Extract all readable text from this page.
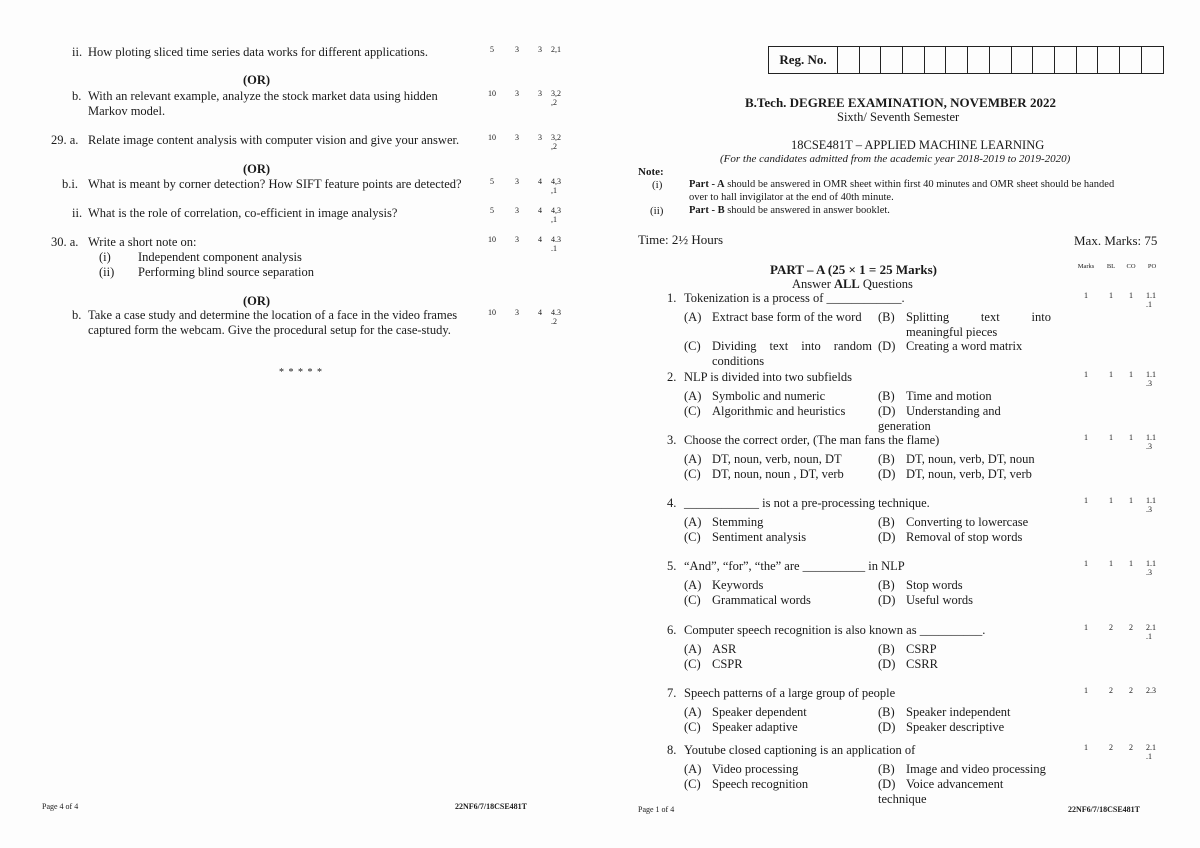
ii. How ploting sliced time series data works for different applications.	5	3	3	2,1
(OR)
b. With an relevant example, analyze the stock market data using hidden
Markov model.
10	3	3	3,2
,2
29. a. Relate image content analysis with computer vision and give your answer.	10	3	3	3,2
,2
(OR)
b.i. What is meant by corner detection? How SIFT feature points are detected?	5	3	4	4,3
,1
ii. What is the role of correlation, co-efficient in image analysis?	5	3	4	4,3
,1
30. a. Write a short note on:
(i) Independent component analysis
(ii) Performing blind source separation
10	3	4	4.3
.1
(OR)
b. Take a case study and determine the location of a face in the video frames
captured form the webcam. Give the procedural setup for the case-study.
10	3	4	4.3
.2
* * * * *
Page 4 of 4	22NF6/7/18CSE481T
Reg. No.
B.Tech. DEGREE EXAMINATION, NOVEMBER 2022
Sixth/ Seventh Semester
18CSE481T – APPLIED MACHINE LEARNING
(For the candidates admitted from the academic year 2018-2019 to 2019-2020)
Note:
(i)	Part - A should be answered in OMR sheet within first 40 minutes and OMR sheet should be handed
over to hall invigilator at the end of 40th minute.
(ii) Part - B should be answered in answer booklet.
Time: 2½ Hours	Max. Marks: 75
PART – A (25 × 1 = 25 Marks)
Answer ALL Questions
Marks	BL	CO	PO
1. Tokenization is a process of ____________.	1	1	1	1.1
.1
(A) Extract base form of the word	(B) Splitting text into meaningful pieces
(C) Dividing text into random conditions
(D) Creating a word matrix
2. NLP is divided into two subfields	1	1	1	1.1
.3
(A) Symbolic and numeric	(B) Time and motion
(C) Algorithmic and heuristics	(D) Understanding and generation
3. Choose the correct order, (The man fans the flame)	1	1	1	1.1
.3
(A) DT, noun, verb, noun, DT	(B) DT, noun, verb, DT, noun
(C) DT, noun, noun , DT, verb	(D) DT, noun, verb, DT, verb
4. ____________ is not a pre-processing technique.	1	1	1	1.1
.3
(A) Stemming	(B) Converting to lowercase
(C) Sentiment analysis	(D) Removal of stop words
5. “And”, “for”, “the” are __________ in NLP	1	1	1	1.1
.3
(A) Keywords	(B) Stop words
(C) Grammatical words	(D) Useful words
6. Computer speech recognition is also known as __________.	1	2	2	2.1
.1
(A) ASR	(B) CSRP
(C) CSPR	(D) CSRR
7. Speech patterns of a large group of people	1	2	2	2.3
(A) Speaker dependent	(B) Speaker independent
(C) Speaker adaptive	(D) Speaker descriptive
8. Youtube closed captioning is an application of	1	2	2	2.1
.1
(A) Video processing	(B) Image and video processing
(C) Speech recognition	(D) Voice advancement technique
Page 1 of 4	22NF6/7/18CSE481T
